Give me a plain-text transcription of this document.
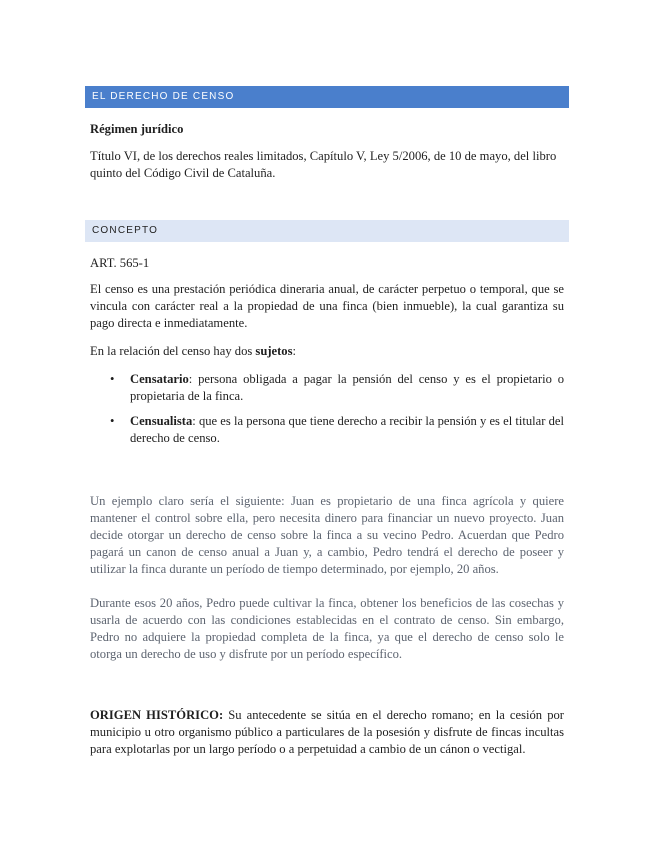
EL DERECHO DE CENSO
Régimen jurídico
Título VI, de los derechos reales limitados, Capítulo V, Ley 5/2006, de 10 de mayo, del libro quinto del Código Civil de Cataluña.
CONCEPTO
ART. 565-1
El censo es una prestación periódica dineraria anual, de carácter perpetuo o temporal, que se vincula con carácter real a la propiedad de una finca (bien inmueble), la cual garantiza su pago directa e inmediatamente.
En la relación del censo hay dos sujetos:
• Censatario: persona obligada a pagar la pensión del censo y es el propietario o propietaria de la finca.
• Censualista: que es la persona que tiene derecho a recibir la pensión y es el titular del derecho de censo.
Un ejemplo claro sería el siguiente: Juan es propietario de una finca agrícola y quiere mantener el control sobre ella, pero necesita dinero para financiar un nuevo proyecto. Juan decide otorgar un derecho de censo sobre la finca a su vecino Pedro. Acuerdan que Pedro pagará un canon de censo anual a Juan y, a cambio, Pedro tendrá el derecho de poseer y utilizar la finca durante un período de tiempo determinado, por ejemplo, 20 años.
Durante esos 20 años, Pedro puede cultivar la finca, obtener los beneficios de las cosechas y usarla de acuerdo con las condiciones establecidas en el contrato de censo. Sin embargo, Pedro no adquiere la propiedad completa de la finca, ya que el derecho de censo solo le otorga un derecho de uso y disfrute por un período específico.
ORIGEN HISTÓRICO: Su antecedente se sitúa en el derecho romano; en la cesión por municipio u otro organismo público a particulares de la posesión y disfrute de fincas incultas para explotarlas por un largo período o a perpetuidad a cambio de un cánon o vectigal.
